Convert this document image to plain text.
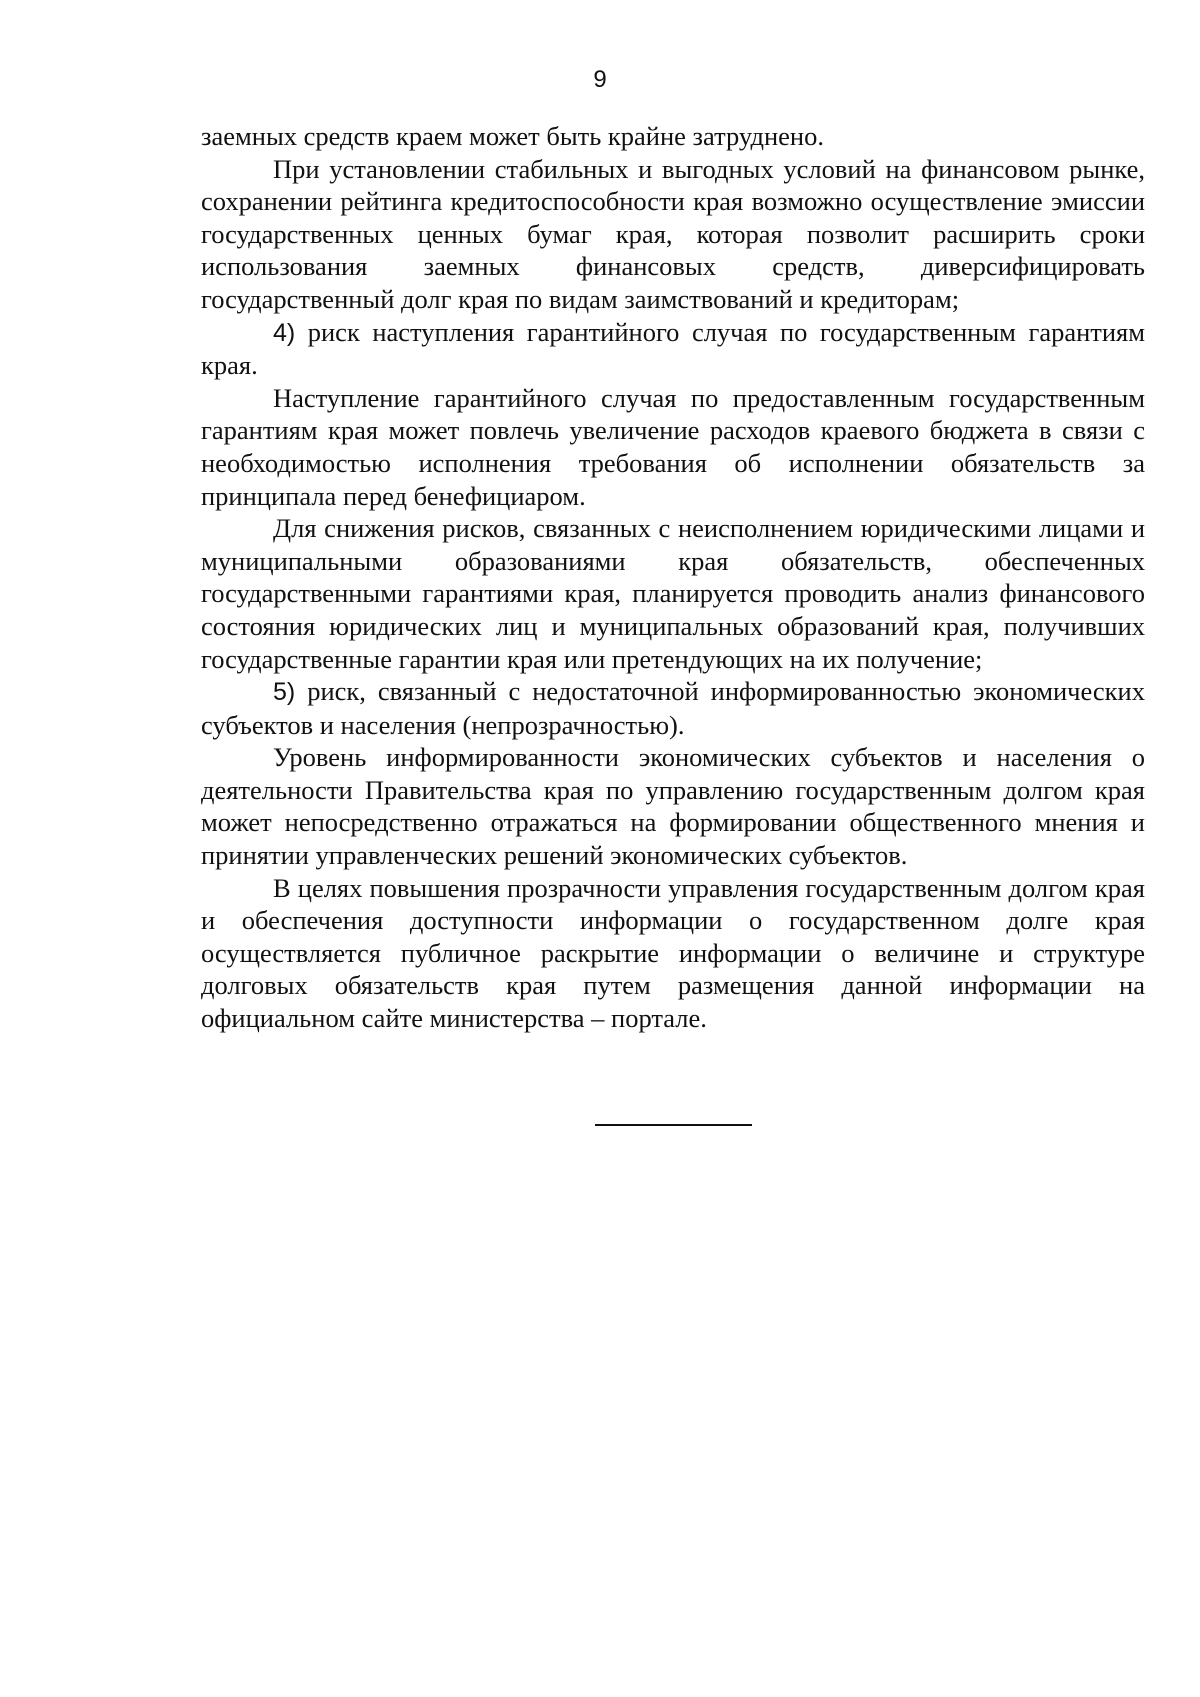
9

заемных средств краем может быть крайне затруднено.

При установлении стабильных и выгодных условий на финансовом рынке, сохранении рейтинга кредитоспособности края возможно осуществление эмиссии государственных ценных бумаг края, которая позволит расширить сроки использования заемных финансовых средств, диверсифицировать государственный долг края по видам заимствований и кредиторам;

4) риск наступления гарантийного случая по государственным гарантиям края.

Наступление гарантийного случая по предоставленным государственным гарантиям края может повлечь увеличение расходов краевого бюджета в связи с необходимостью исполнения требования об исполнении обязательств за принципала перед бенефициаром.

Для снижения рисков, связанных с неисполнением юридическими лицами и муниципальными образованиями края обязательств, обеспеченных государственными гарантиями края, планируется проводить анализ финансового состояния юридических лиц и муниципальных образований края, получивших государственные гарантии края или претендующих на их получение;

5) риск, связанный с недостаточной информированностью экономических субъектов и населения (непрозрачностью).

Уровень информированности экономических субъектов и населения о деятельности Правительства края по управлению государственным долгом края может непосредственно отражаться на формировании общественного мнения и принятии управленческих решений экономических субъектов.

В целях повышения прозрачности управления государственным долгом края и обеспечения доступности информации о государственном долге края осуществляется публичное раскрытие информации о величине и структуре долговых обязательств края путем размещения данной информации на официальном сайте министерства – портале.
